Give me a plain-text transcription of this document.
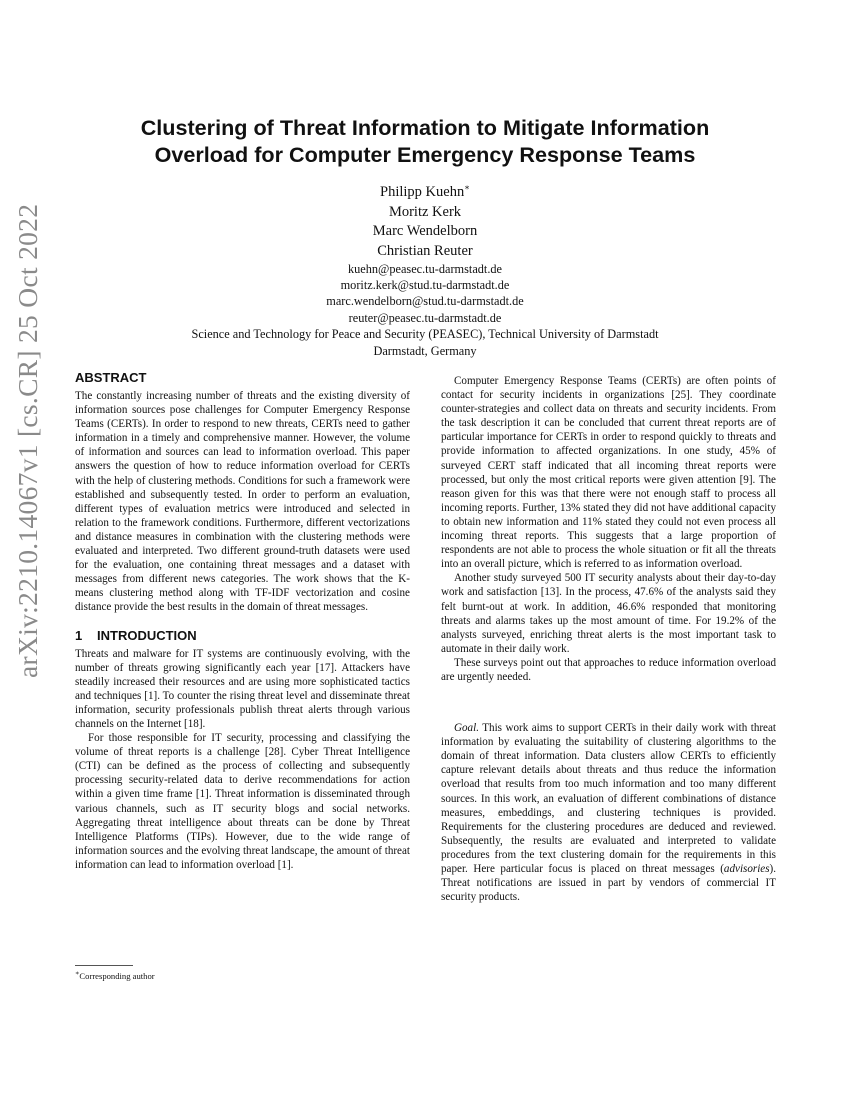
arXiv:2210.14067v1 [cs.CR] 25 Oct 2022
Clustering of Threat Information to Mitigate Information
Overload for Computer Emergency Response Teams
Philipp Kuehn∗
Moritz Kerk
Marc Wendelborn
Christian Reuter
kuehn@peasec.tu-darmstadt.de
moritz.kerk@stud.tu-darmstadt.de
marc.wendelborn@stud.tu-darmstadt.de
reuter@peasec.tu-darmstadt.de
Science and Technology for Peace and Security (PEASEC), Technical University of Darmstadt
Darmstadt, Germany
ABSTRACT

The constantly increasing number of threats and the existing diversity of information sources pose challenges for Computer Emergency Response Teams (CERTs). In order to respond to new threats, CERTs need to gather information in a timely and comprehensive manner. However, the volume of information and sources can lead to information overload. This paper answers the question of how to reduce information overload for CERTs with the help of clustering methods. Conditions for such a framework were established and subsequently tested. In order to perform an evaluation, different types of evaluation metrics were introduced and selected in relation to the framework conditions. Furthermore, different vectorizations and distance measures in combination with the clustering methods were evaluated and interpreted. Two different ground-truth datasets were used for the evaluation, one containing threat messages and a dataset with messages from different news categories. The work shows that the K-means clustering method along with TF-IDF vectorization and cosine distance provide the best results in the domain of threat messages.

1 INTRODUCTION

Threats and malware for IT systems are continuously evolving, with the number of threats growing significantly each year [17]. Attackers have steadily increased their resources and are using more sophisticated tactics and techniques [1]. To counter the rising threat level and disseminate threat information, security professionals publish threat alerts through various channels on the Internet [18].

For those responsible for IT security, processing and classifying the volume of threat reports is a challenge [28]. Cyber Threat Intelligence (CTI) can be defined as the process of collecting and subsequently processing security-related data to derive recommendations for action within a given time frame [1]. Threat information is disseminated through various channels, such as IT security blogs and social networks. Aggregating threat intelligence about threats can be done by Threat Intelligence Platforms (TIPs). However, due to the wide range of information sources and the evolving threat landscape, the amount of threat information can lead to information overload [1].

Computer Emergency Response Teams (CERTs) are often points of contact for security incidents in organizations [25]. They coordinate counter-strategies and collect data on threats and security incidents. From the task description it can be concluded that current threat reports are of particular importance for CERTs in order to respond quickly to threats and provide information to affected organizations. In one study, 45% of surveyed CERT staff indicated that all incoming threat reports were processed, but only the most critical reports were given attention [9]. The reason given for this was that there were not enough staff to process all incoming reports. Further, 13% stated they did not have additional capacity to obtain new information and 11% stated they could not even process all incoming threat reports. This suggests that a large proportion of respondents are not able to process the whole situation or fit all the threats into an overall picture, which is referred to as information overload.

Another study surveyed 500 IT security analysts about their day-to-day work and satisfaction [13]. In the process, 47.6% of the analysts said they felt burnt-out at work. In addition, 46.6% responded that monitoring threats and alarms takes up the most amount of time. For 19.2% of the analysts surveyed, enriching threat alerts is the most important task to automate in their daily work.

These surveys point out that approaches to reduce information overload are urgently needed.

Goal. This work aims to support CERTs in their daily work with threat information by evaluating the suitability of clustering algorithms to the domain of threat information. Data clusters allow CERTs to efficiently capture relevant details about threats and thus reduce the information overload that results from too much information and too many different sources. In this work, an evaluation of different combinations of distance measures, embeddings, and clustering techniques is provided. Requirements for the clustering procedures are deduced and reviewed. Subsequently, the results are evaluated and interpreted to validate procedures from the text clustering domain for the requirements in this paper. Here particular focus is placed on threat messages (advisories). Threat notifications are issued in part by vendors of commercial IT security products.

∗Corresponding author
